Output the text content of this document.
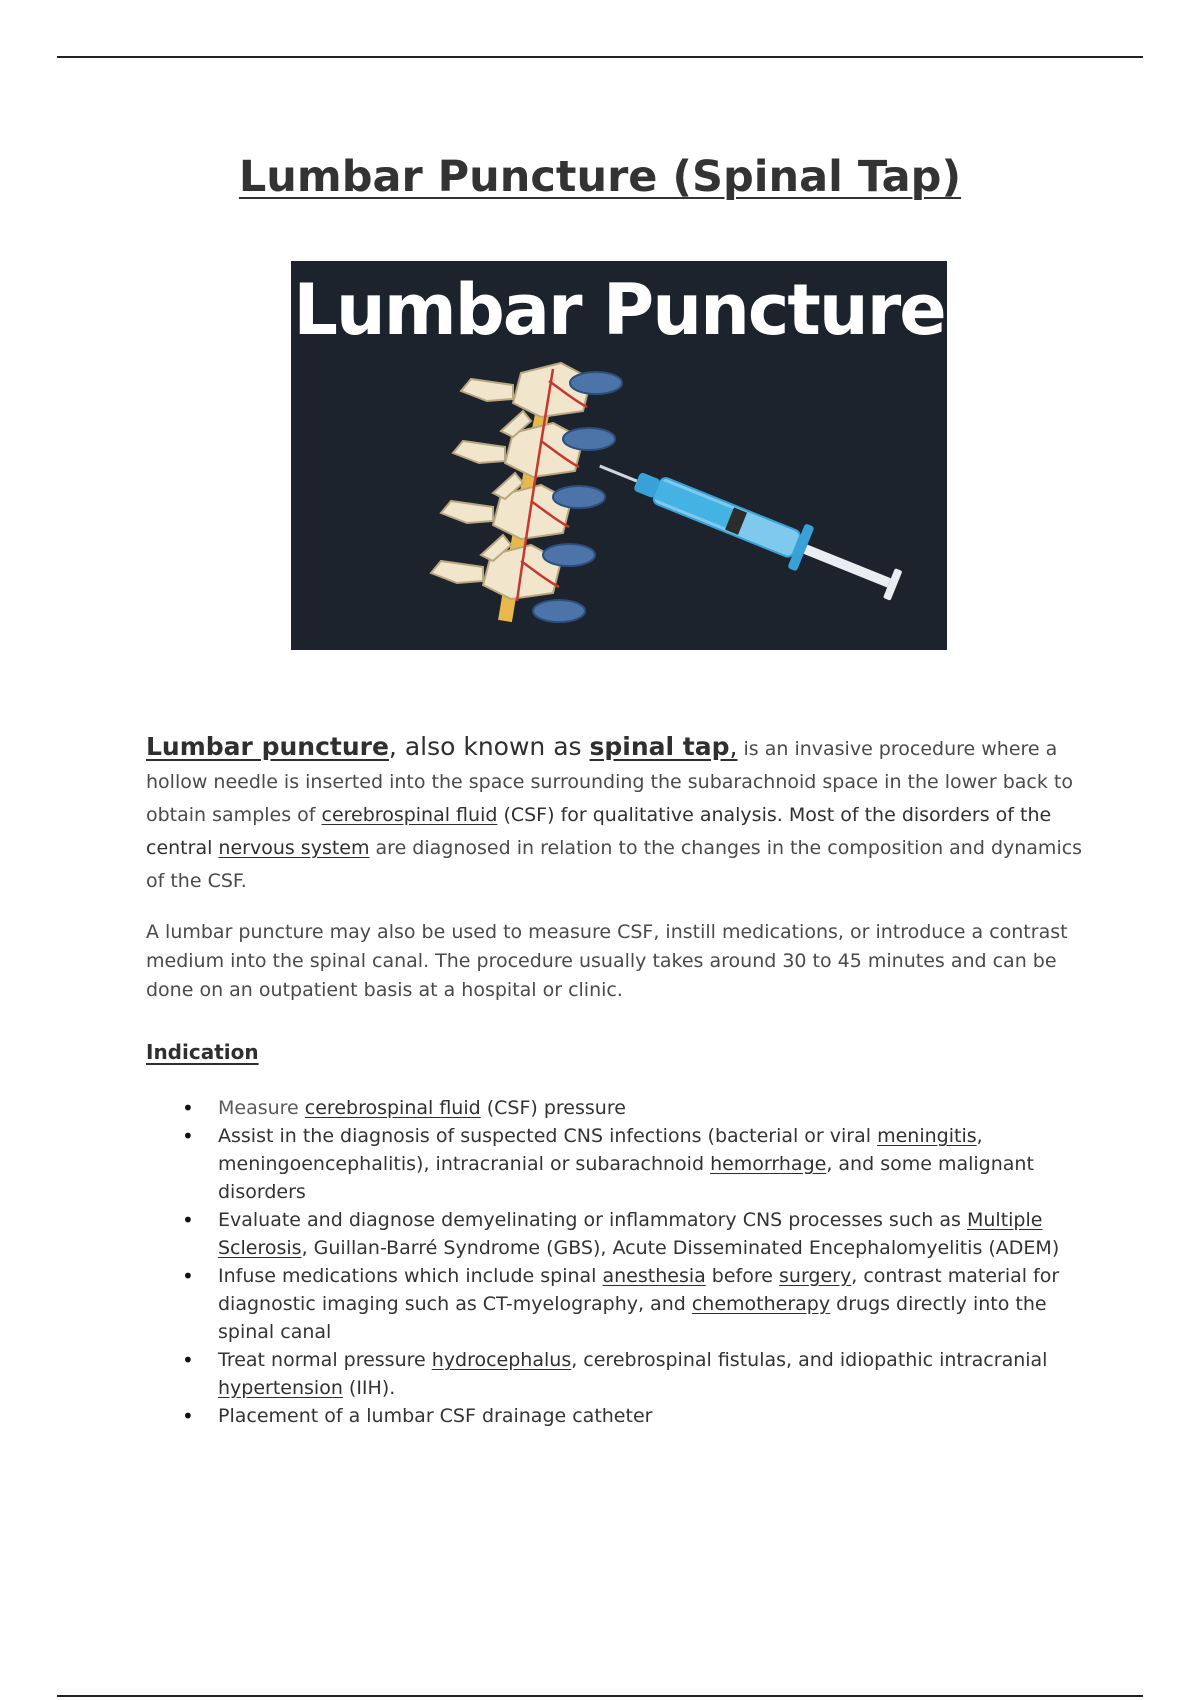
Lumbar Puncture (Spinal Tap)
Lumbar Puncture
Lumbar puncture, also known as spinal tap, is an invasive procedure where a hollow needle is inserted into the space surrounding the subarachnoid space in the lower back to obtain samples of cerebrospinal fluid (CSF) for qualitative analysis. Most of the disorders of the central nervous system are diagnosed in relation to the changes in the composition and dynamics of the CSF.
A lumbar puncture may also be used to measure CSF, instill medications, or introduce a contrast medium into the spinal canal. The procedure usually takes around 30 to 45 minutes and can be done on an outpatient basis at a hospital or clinic.
Indication
• Measure cerebrospinal fluid (CSF) pressure
• Assist in the diagnosis of suspected CNS infections (bacterial or viral meningitis, meningoencephalitis), intracranial or subarachnoid hemorrhage, and some malignant disorders
• Evaluate and diagnose demyelinating or inflammatory CNS processes such as Multiple Sclerosis, Guillan-Barré Syndrome (GBS), Acute Disseminated Encephalomyelitis (ADEM)
• Infuse medications which include spinal anesthesia before surgery, contrast material for diagnostic imaging such as CT-myelography, and chemotherapy drugs directly into the spinal canal
• Treat normal pressure hydrocephalus, cerebrospinal fistulas, and idiopathic intracranial hypertension (IIH).
• Placement of a lumbar CSF drainage catheter
